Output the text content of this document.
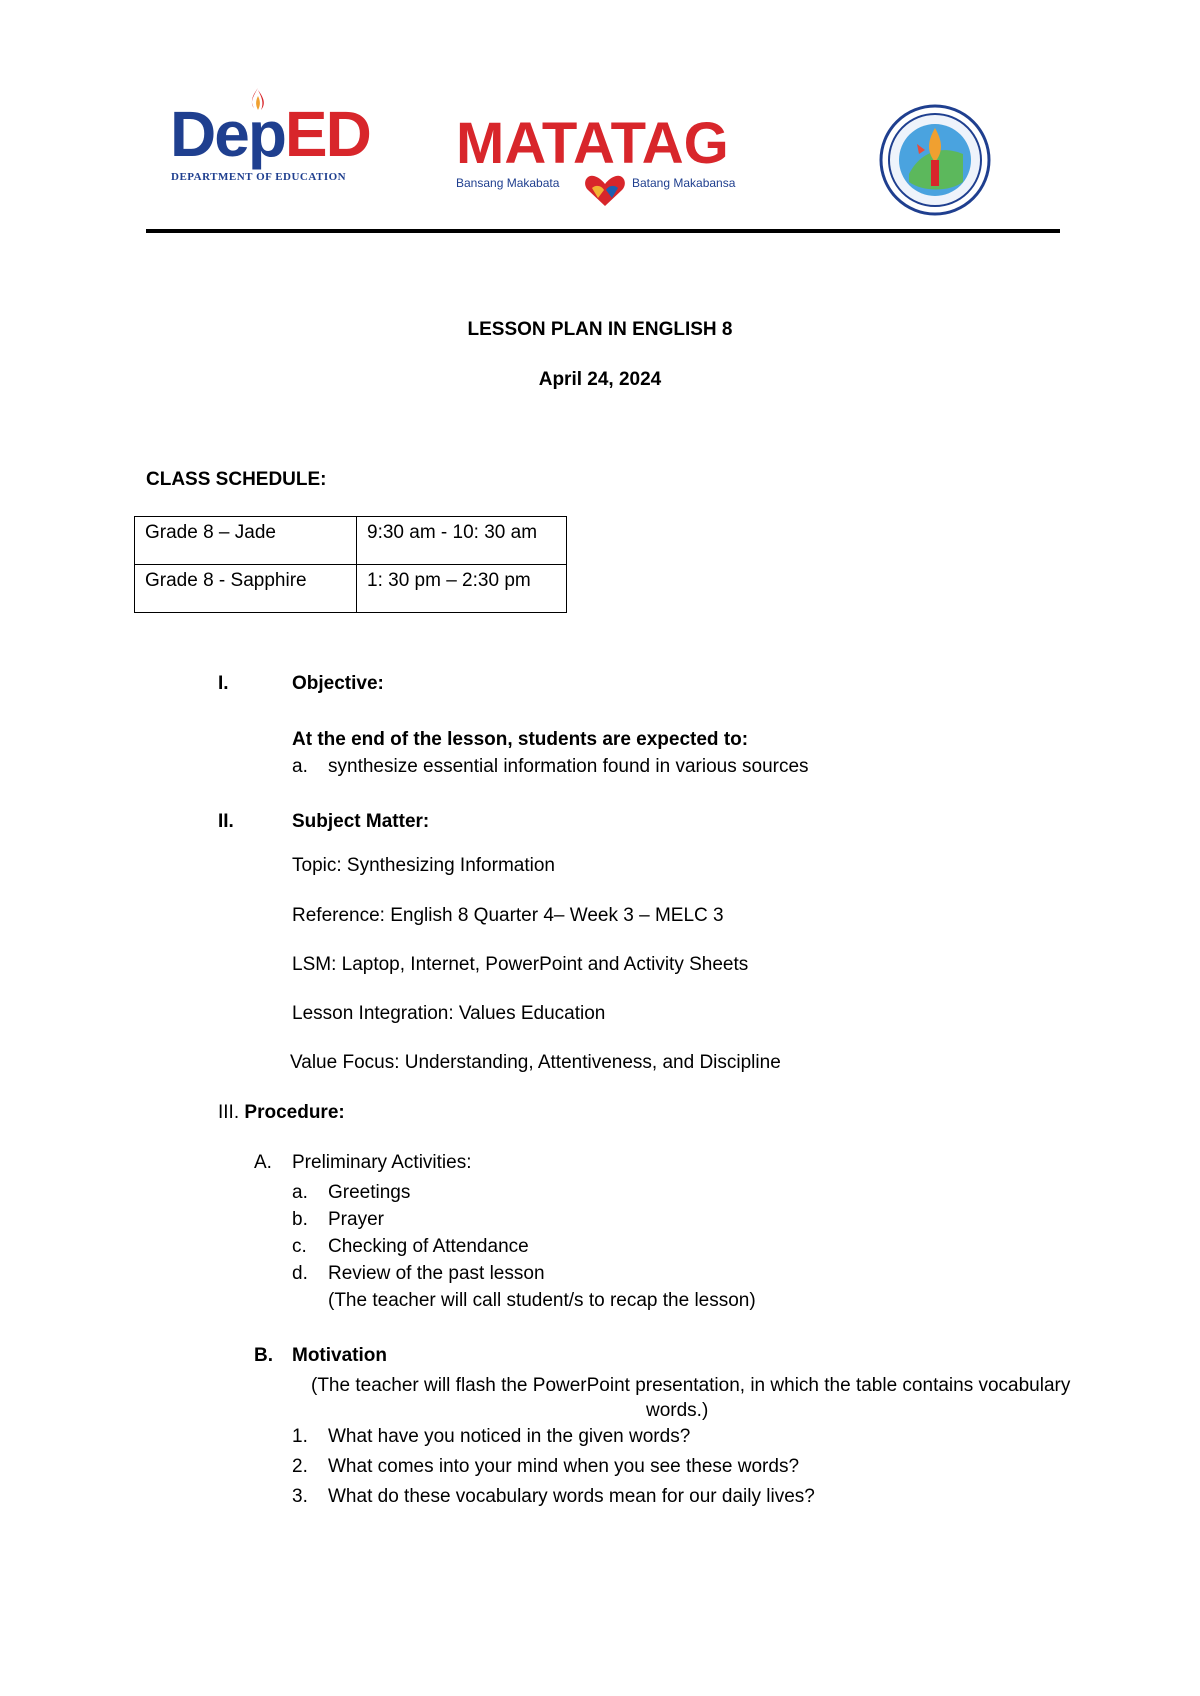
DepED
DEPARTMENT OF EDUCATION
MATATAG
Bansang Makabata	Batang Makabansa
LESSON PLAN IN ENGLISH 8
April 24, 2024
CLASS SCHEDULE:
Grade 8 – Jade	9:30 am - 10: 30 am
Grade 8 - Sapphire	1: 30 pm – 2:30 pm
I.	Objective:
At the end of the lesson, students are expected to:
a. synthesize essential information found in various sources
II.	Subject Matter:
Topic: Synthesizing Information
Reference: English 8 Quarter 4– Week 3 – MELC 3
LSM: Laptop, Internet, PowerPoint and Activity Sheets
Lesson Integration: Values Education
Value Focus: Understanding, Attentiveness, and Discipline
III. Procedure:
A. Preliminary Activities:
a. Greetings
b. Prayer
c. Checking of Attendance
d. Review of the past lesson
(The teacher will call student/s to recap the lesson)
B. Motivation
(The teacher will flash the PowerPoint presentation, in which the table contains vocabulary
words.)
1. What have you noticed in the given words?
2. What comes into your mind when you see these words?
3. What do these vocabulary words mean for our daily lives?
